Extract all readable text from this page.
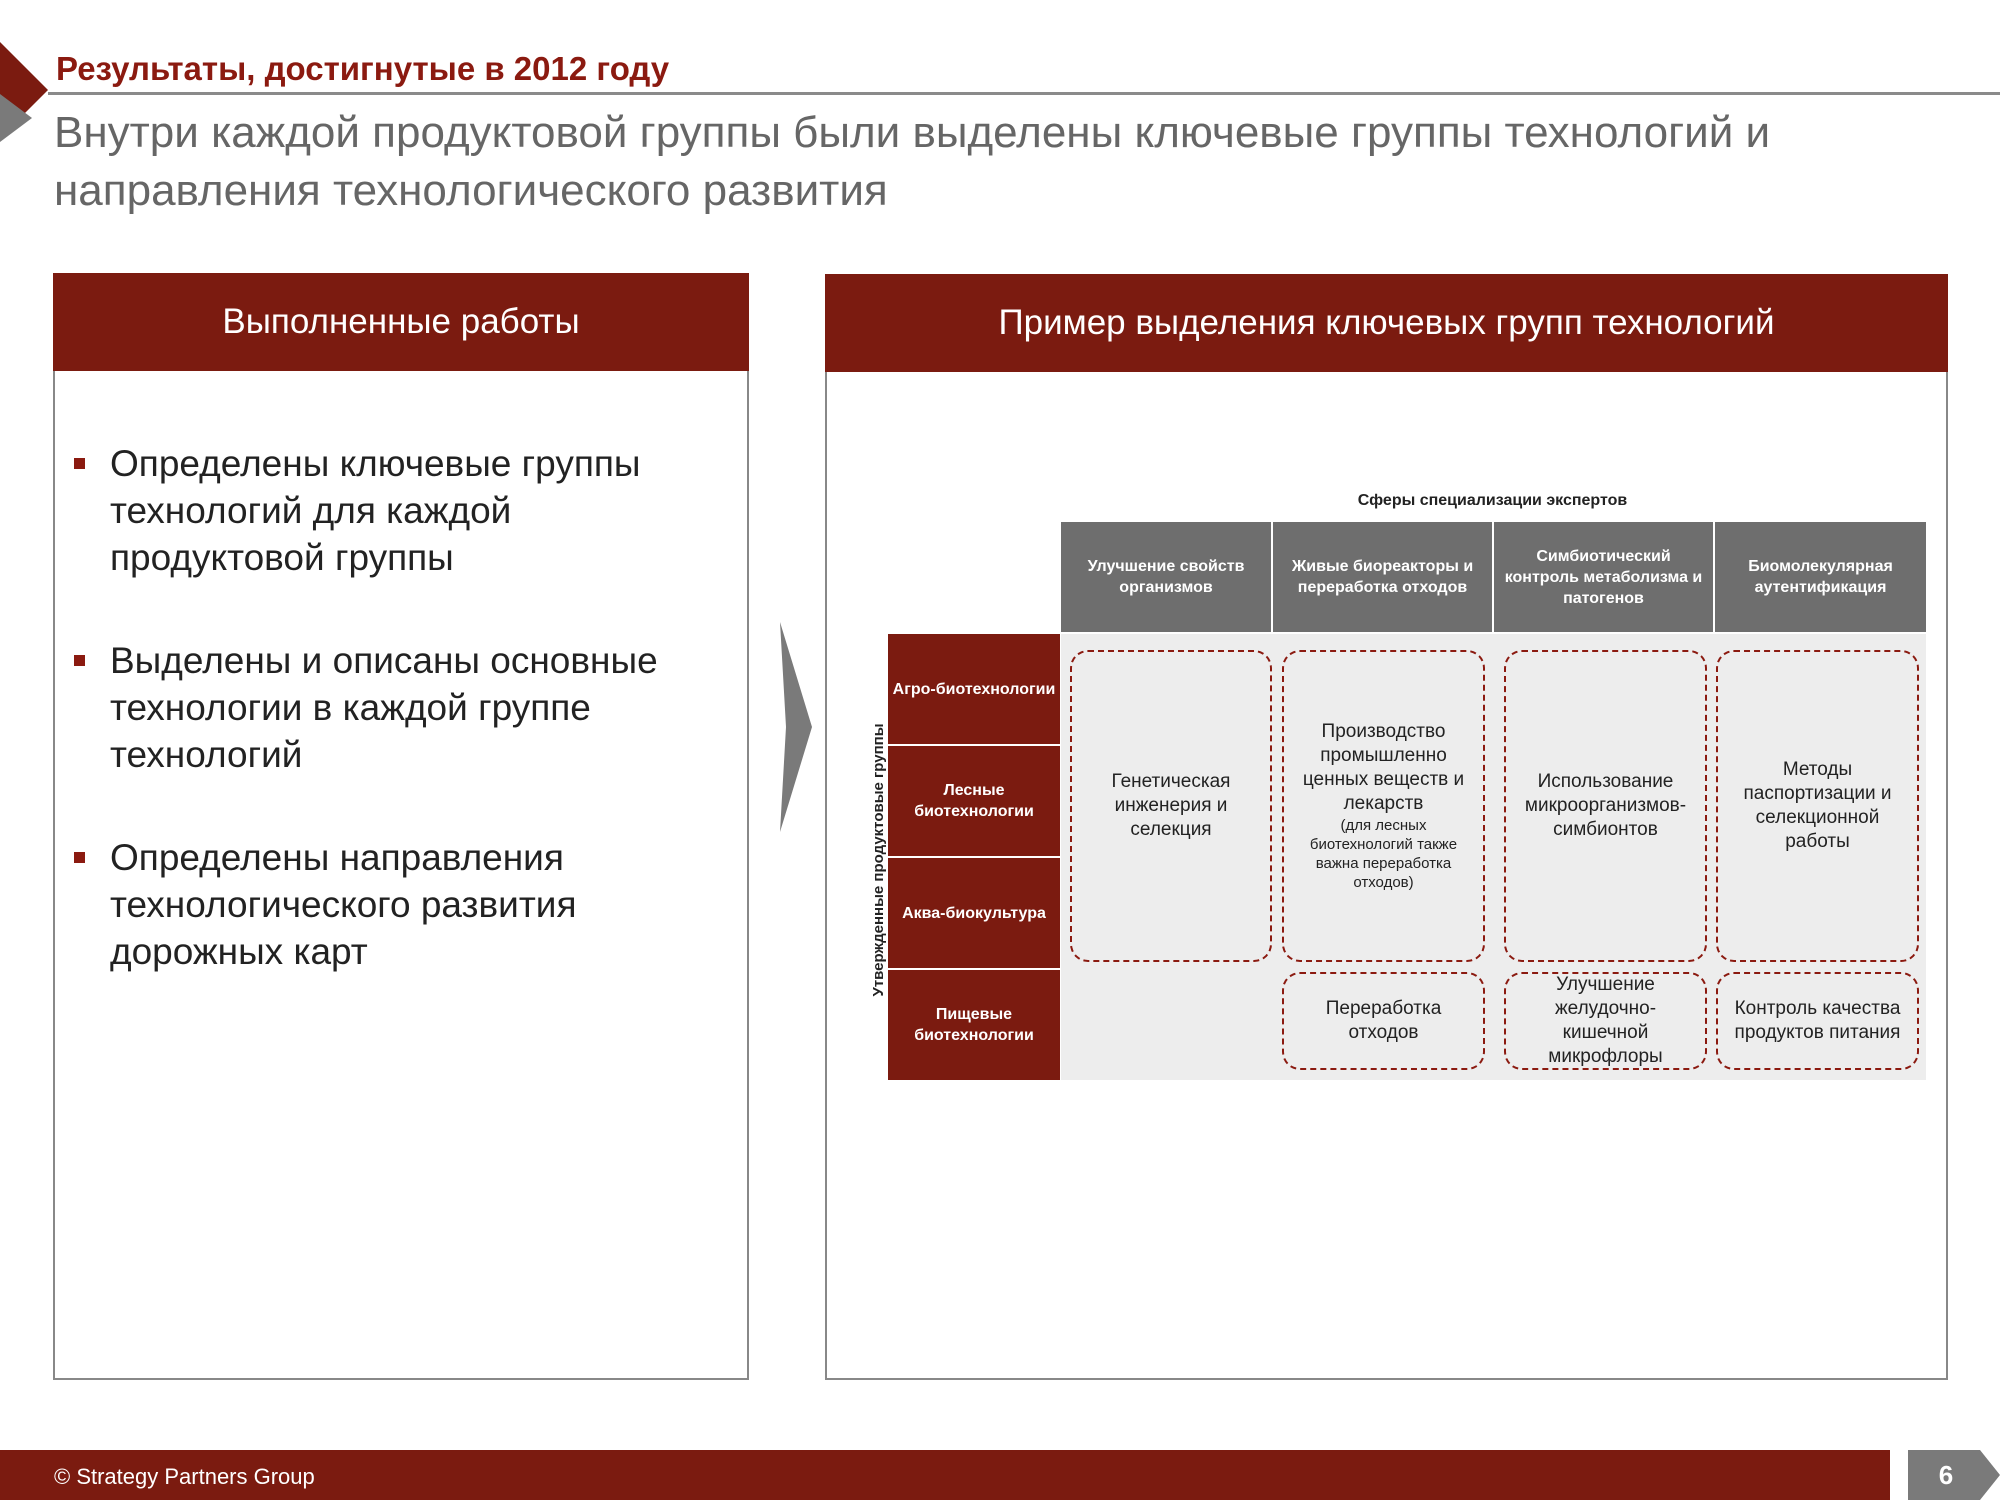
Результаты, достигнутые в 2012 году
Внутри каждой продуктовой группы были выделены ключевые группы технологий и направления технологического развития
Выполненные работы
Определены ключевые группы технологий для каждой продуктовой группы
Выделены и описаны основные технологии в каждой группе технологий
Определены направления технологического развития дорожных карт
Пример выделения ключевых групп технологий
Сферы специализации экспертов
Улучшение свойств организмов
Живые биореакторы и переработка отходов
Симбиотический контроль метаболизма и патогенов
Биомолекулярная аутентификация
Агро-биотехнологии
Лесные биотехнологии
Аква-биокультура
Пищевые биотехнологии
Утвержденные продуктовые группы	Генетическая инженерия и селекция
Производство промышленно ценных веществ и лекарств
(для лесных биотехнологий также важна переработка отходов)
Использование микроорганизмов-симбионтов
Методы паспортизации и селекционной работы
Переработка отходов
Улучшение желудочно-кишечной микрофлоры
Контроль качества продуктов питания
© Strategy Partners Group	6
